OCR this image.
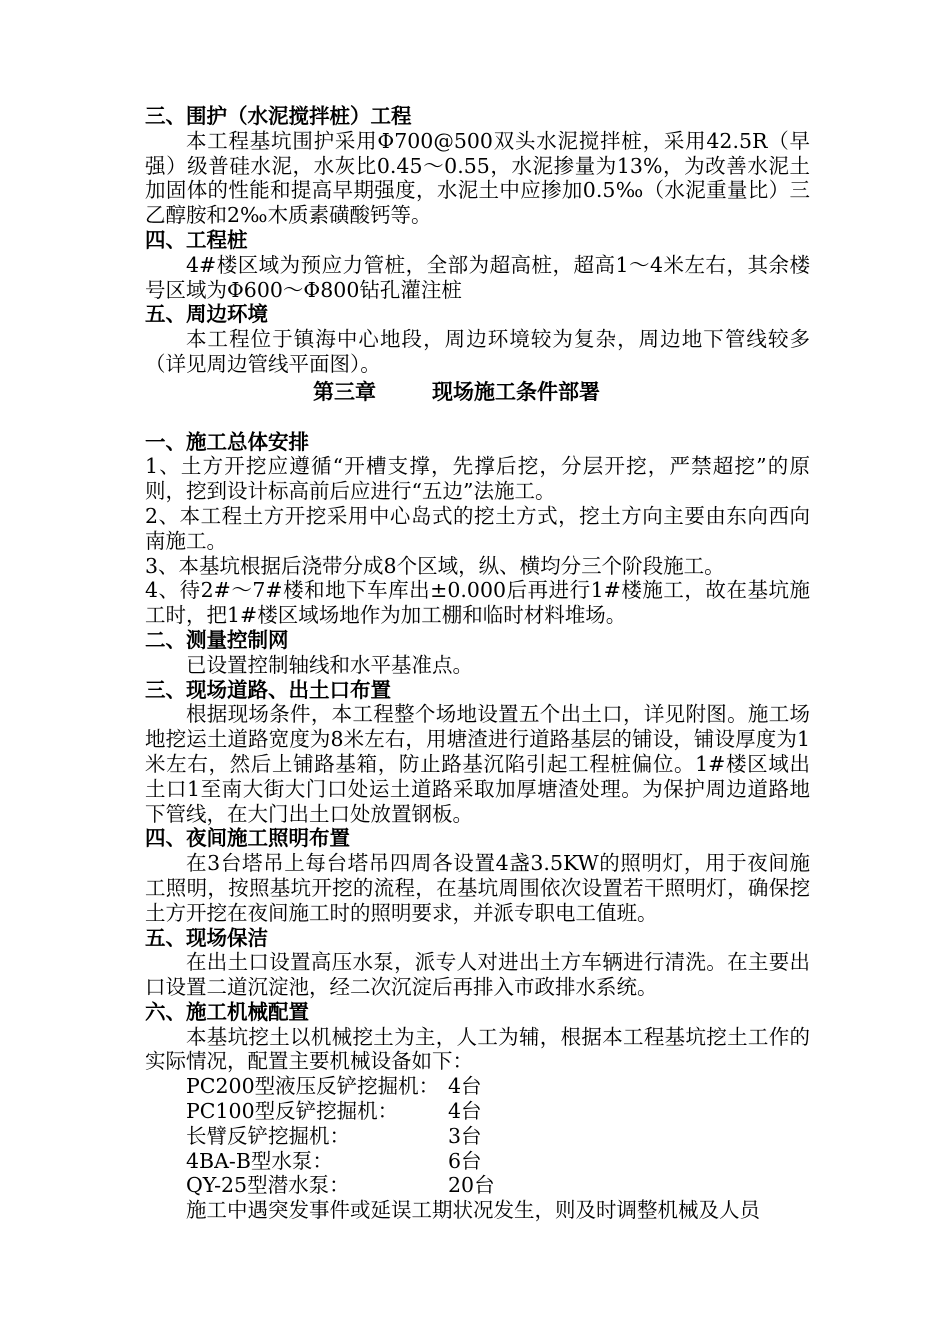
三、围护（水泥搅拌桩）工程
本工程基坑围护采用Φ700@500双头水泥搅拌桩，采用42.5R（早强）级普硅水泥，水灰比0.45～0.55，水泥掺量为13%，为改善水泥土加固体的性能和提高早期强度，水泥土中应掺加0.5‰（水泥重量比）三乙醇胺和2‰木质素磺酸钙等。
四、工程桩
4#楼区域为预应力管桩，全部为超高桩，超高1～4米左右，其余楼号区域为Φ600～Φ800钻孔灌注桩
五、周边环境
本工程位于镇海中心地段，周边环境较为复杂，周边地下管线较多（详见周边管线平面图）。
第三章	现场施工条件部署
一、施工总体安排
1、土方开挖应遵循“开槽支撑，先撑后挖，分层开挖，严禁超挖”的原则，挖到设计标高前后应进行“五边”法施工。
2、本工程土方开挖采用中心岛式的挖土方式，挖土方向主要由东向西向南施工。
3、本基坑根据后浇带分成8个区域，纵、横均分三个阶段施工。
4、待2#～7#楼和地下车库出±0.000后再进行1#楼施工，故在基坑施工时，把1#楼区域场地作为加工棚和临时材料堆场。
二、测量控制网
已设置控制轴线和水平基准点。
三、现场道路、出土口布置
根据现场条件，本工程整个场地设置五个出土口，详见附图。施工场地挖运土道路宽度为8米左右，用塘渣进行道路基层的铺设，铺设厚度为1米左右，然后上铺路基箱，防止路基沉陷引起工程桩偏位。1#楼区域出土口1至南大街大门口处运土道路采取加厚塘渣处理。为保护周边道路地下管线，在大门出土口处放置钢板。
四、夜间施工照明布置
在3台塔吊上每台塔吊四周各设置4盏3.5KW的照明灯，用于夜间施工照明，按照基坑开挖的流程，在基坑周围依次设置若干照明灯，确保挖土方开挖在夜间施工时的照明要求，并派专职电工值班。
五、现场保洁
在出土口设置高压水泵，派专人对进出土方车辆进行清洗。在主要出口设置二道沉淀池，经二次沉淀后再排入市政排水系统。
六、施工机械配置
本基坑挖土以机械挖土为主，人工为辅，根据本工程基坑挖土工作的实际情况，配置主要机械设备如下：
PC200型液压反铲挖掘机： 4台
PC100型反铲挖掘机：	4台
长臂反铲挖掘机：	3台
4BA-B型水泵：	6台
QY-25型潜水泵：	20台
施工中遇突发事件或延误工期状况发生，则及时调整机械及人员
